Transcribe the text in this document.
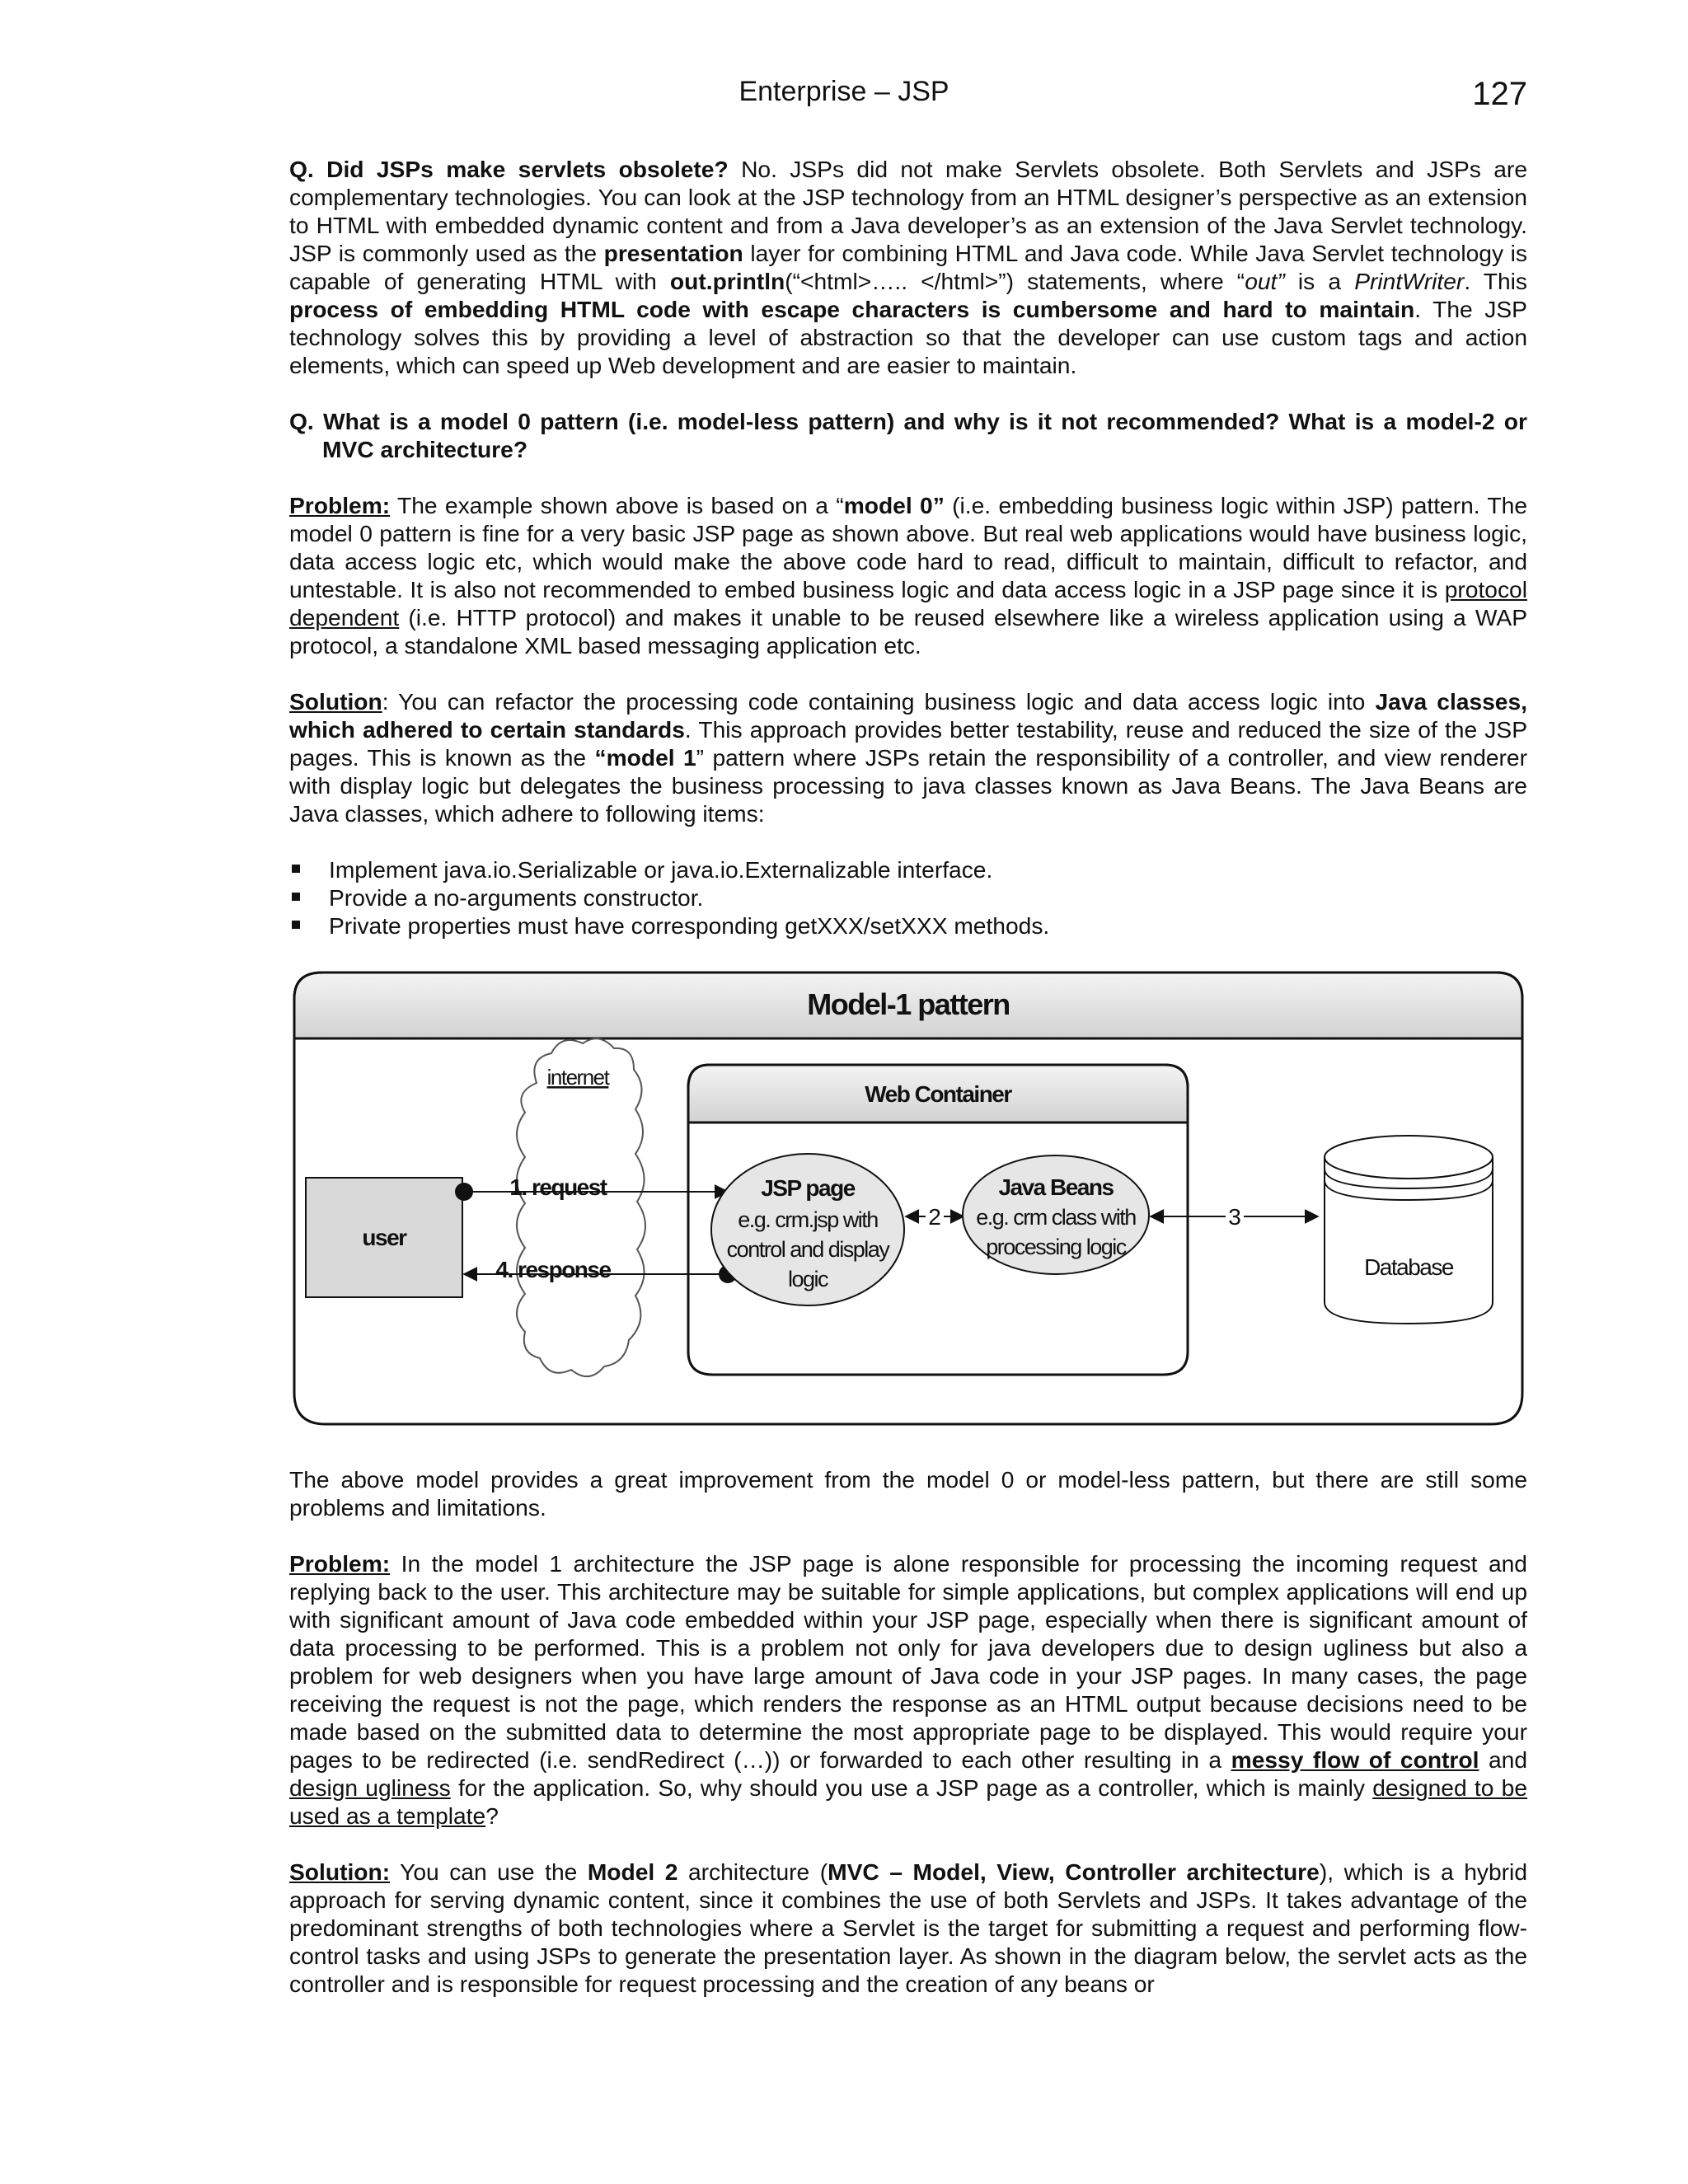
Enterprise – JSP	127

Q. Did JSPs make servlets obsolete? No. JSPs did not make Servlets obsolete. Both Servlets and JSPs are complementary technologies. You can look at the JSP technology from an HTML designer’s perspective as an extension to HTML with embedded dynamic content and from a Java developer’s as an extension of the Java Servlet technology. JSP is commonly used as the presentation layer for combining HTML and Java code. While Java Servlet technology is capable of generating HTML with out.println(“<html>….. </html>”) statements, where “out” is a PrintWriter. This process of embedding HTML code with escape characters is cumbersome and hard to maintain. The JSP technology solves this by providing a level of abstraction so that the developer can use custom tags and action elements, which can speed up Web development and are easier to maintain.

Q. What is a model 0 pattern (i.e. model-less pattern) and why is it not recommended? What is a model-2 or MVC architecture?

Problem: The example shown above is based on a “model 0” (i.e. embedding business logic within JSP) pattern. The model 0 pattern is fine for a very basic JSP page as shown above. But real web applications would have business logic, data access logic etc, which would make the above code hard to read, difficult to maintain, difficult to refactor, and untestable. It is also not recommended to embed business logic and data access logic in a JSP page since it is protocol dependent (i.e. HTTP protocol) and makes it unable to be reused elsewhere like a wireless application using a WAP protocol, a standalone XML based messaging application etc.

Solution: You can refactor the processing code containing business logic and data access logic into Java classes, which adhered to certain standards. This approach provides better testability, reuse and reduced the size of the JSP pages. This is known as the “model 1” pattern where JSPs retain the responsibility of a controller, and view renderer with display logic but delegates the business processing to java classes known as Java Beans. The Java Beans are Java classes, which adhere to following items:

Implement java.io.Serializable or java.io.Externalizable interface.
Provide a no-arguments constructor.
Private properties must have corresponding getXXX/setXXX methods.
Model-1 pattern
internet
Web Container
user
1. request
4. response
JSP page
e.g. crm.jsp with
control and display
logic
2
Java Beans
e.g. crm class with
processing logic
3
Database

The above model provides a great improvement from the model 0 or model-less pattern, but there are still some problems and limitations.

Problem: In the model 1 architecture the JSP page is alone responsible for processing the incoming request and replying back to the user. This architecture may be suitable for simple applications, but complex applications will end up with significant amount of Java code embedded within your JSP page, especially when there is significant amount of data processing to be performed. This is a problem not only for java developers due to design ugliness but also a problem for web designers when you have large amount of Java code in your JSP pages. In many cases, the page receiving the request is not the page, which renders the response as an HTML output because decisions need to be made based on the submitted data to determine the most appropriate page to be displayed. This would require your pages to be redirected (i.e. sendRedirect (…)) or forwarded to each other resulting in a messy flow of control and design ugliness for the application. So, why should you use a JSP page as a controller, which is mainly designed to be used as a template?

Solution: You can use the Model 2 architecture (MVC – Model, View, Controller architecture), which is a hybrid approach for serving dynamic content, since it combines the use of both Servlets and JSPs. It takes advantage of the predominant strengths of both technologies where a Servlet is the target for submitting a request and performing flow-control tasks and using JSPs to generate the presentation layer. As shown in the diagram below, the servlet acts as the controller and is responsible for request processing and the creation of any beans or
